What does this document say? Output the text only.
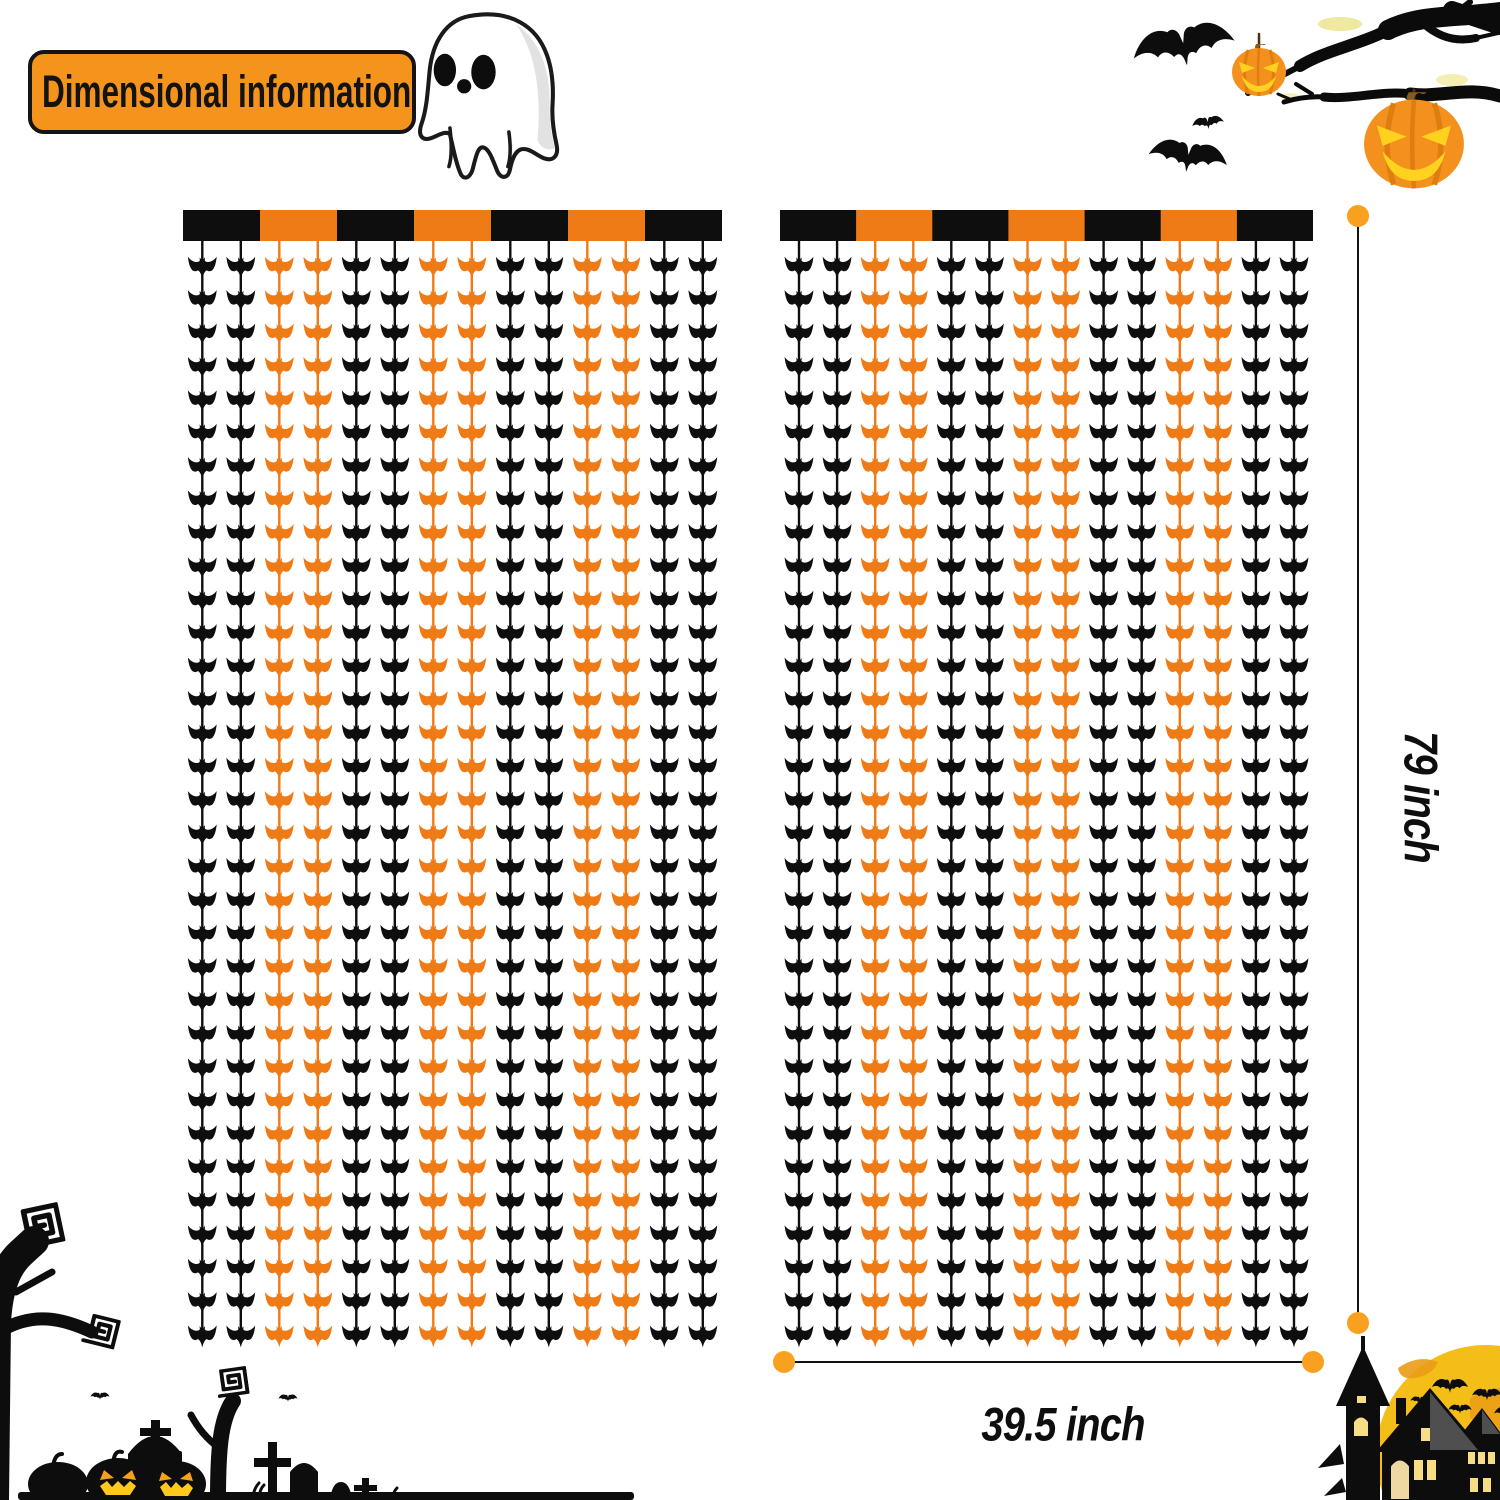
Dimensional information
79 inch
39.5 inch
